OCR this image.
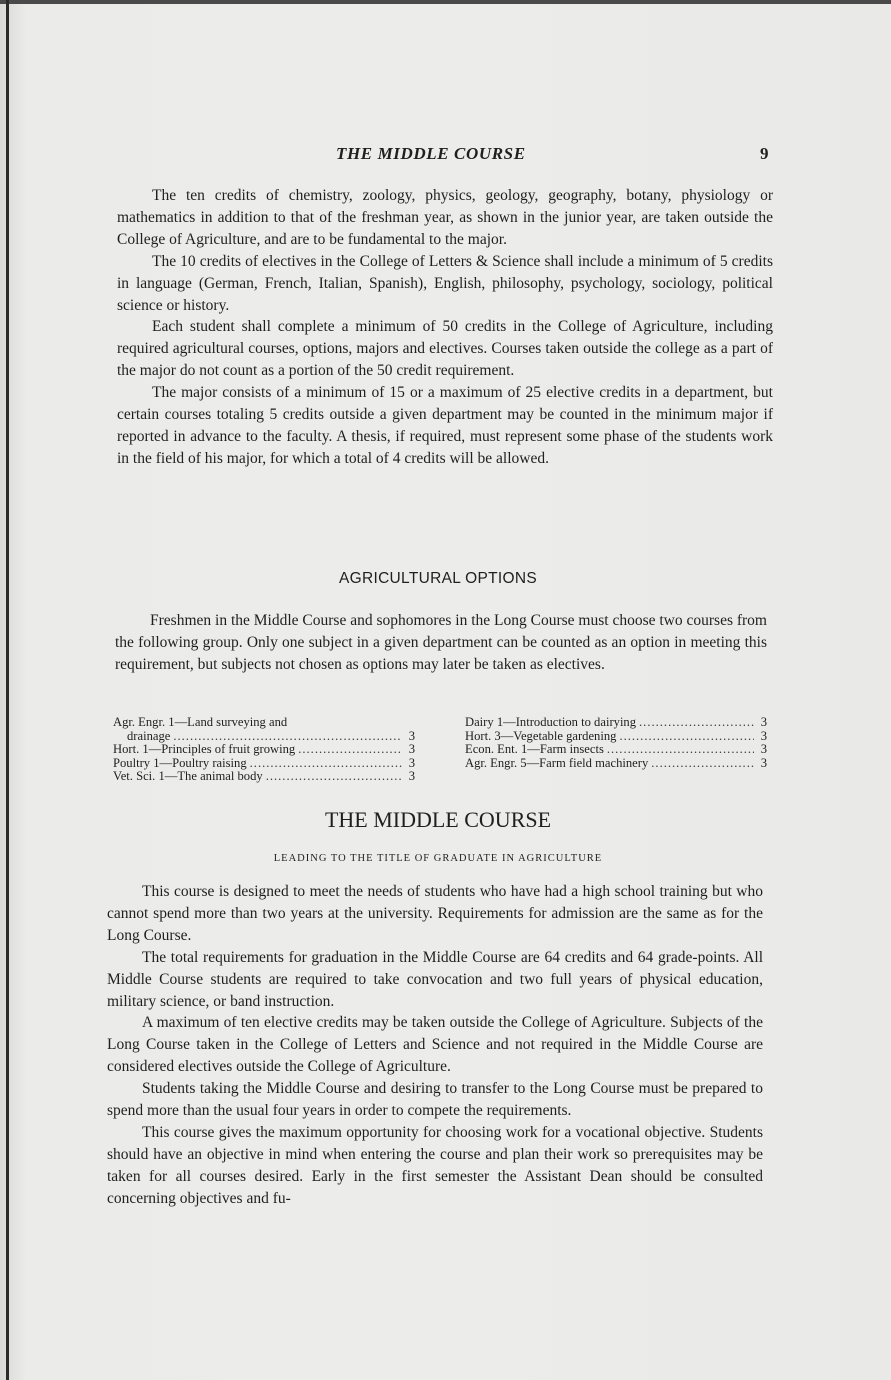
THE MIDDLE COURSE	9

The ten credits of chemistry, zoology, physics, geology, geography, botany, physiology or mathematics in addition to that of the freshman year, as shown in the junior year, are taken outside the College of Agriculture, and are to be fundamental to the major.

The 10 credits of electives in the College of Letters & Science shall include a minimum of 5 credits in language (German, French, Italian, Spanish), English, philosophy, psychology, sociology, political science or history.

Each student shall complete a minimum of 50 credits in the College of Agriculture, including required agricultural courses, options, majors and electives. Courses taken outside the college as a part of the major do not count as a portion of the 50 credit requirement.

The major consists of a minimum of 15 or a maximum of 25 elective credits in a department, but certain courses totaling 5 credits outside a given department may be counted in the minimum major if reported in advance to the faculty. A thesis, if required, must represent some phase of the students work in the field of his major, for which a total of 4 credits will be allowed.

AGRICULTURAL OPTIONS

Freshmen in the Middle Course and sophomores in the Long Course must choose two courses from the following group. Only one subject in a given department can be counted as an option in meeting this requirement, but subjects not chosen as options may later be taken as electives.

Agr. Engr. 1—Land surveying and
drainage .....	3
Hort. 1—Principles of fruit growing .....	3
Poultry 1—Poultry raising .....	3
Vet. Sci. 1—The animal body .....	3
Dairy 1—Introduction to dairying .....	3
Hort. 3—Vegetable gardening .....	3
Econ. Ent. 1—Farm insects .....	3
Agr. Engr. 5—Farm field machinery .....	3
THE MIDDLE COURSE
LEADING TO THE TITLE OF GRADUATE IN AGRICULTURE

This course is designed to meet the needs of students who have had a high school training but who cannot spend more than two years at the university. Requirements for admission are the same as for the Long Course.

The total requirements for graduation in the Middle Course are 64 credits and 64 grade-points. All Middle Course students are required to take convocation and two full years of physical education, military science, or band instruction.

A maximum of ten elective credits may be taken outside the College of Agriculture. Subjects of the Long Course taken in the College of Letters and Science and not required in the Middle Course are considered electives outside the College of Agriculture.

Students taking the Middle Course and desiring to transfer to the Long Course must be prepared to spend more than the usual four years in order to compete the requirements.

This course gives the maximum opportunity for choosing work for a vocational objective. Students should have an objective in mind when entering the course and plan their work so prerequisites may be taken for all courses desired. Early in the first semester the Assistant Dean should be consulted concerning objectives and fu-
